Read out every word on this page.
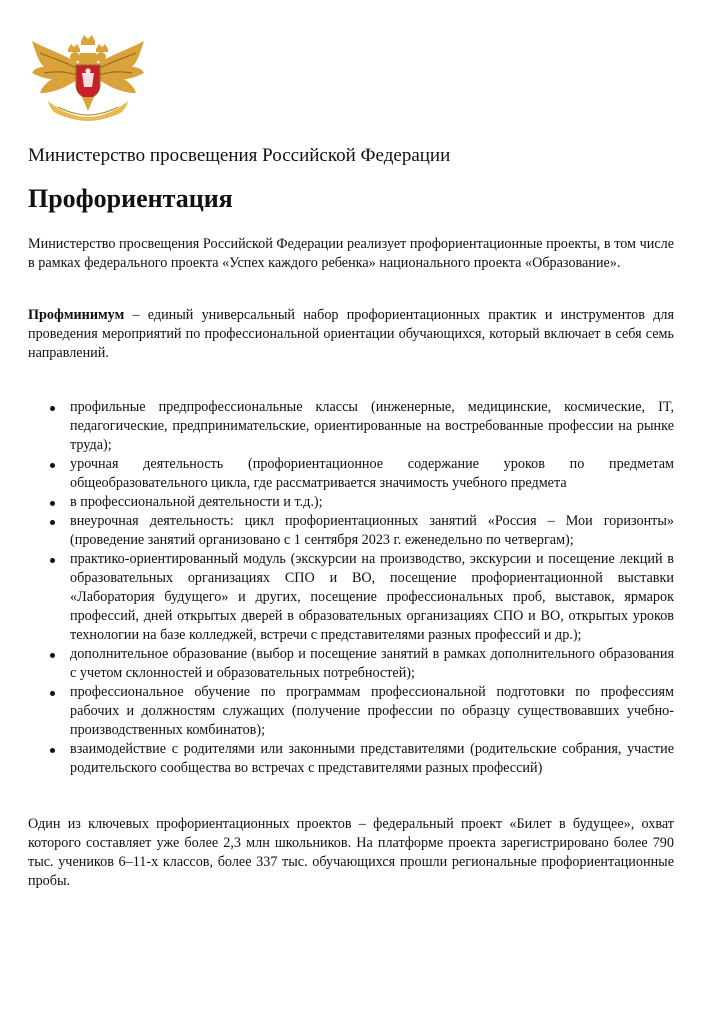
Министерство просвещения Российской Федерации
Профориентация

Министерство просвещения Российской Федерации реализует профориентационные проекты, в том числе в рамках федерального проекта «Успех каждого ребенка» национального проекта «Образование».

Профминимум – единый универсальный набор профориентационных практик и инструментов для проведения мероприятий по профессиональной ориентации обучающихся, который включает в себя семь направлений.

профильные предпрофессиональные классы (инженерные, медицинские, космические, IT, педагогические, предпринимательские, ориентированные на востребованные профессии на рынке труда);
урочная деятельность (профориентационное содержание уроков по предметам общеобразовательного цикла, где рассматривается значимость учебного предмета
в профессиональной деятельности и т.д.);
внеурочная деятельность: цикл профориентационных занятий «Россия – Мои горизонты» (проведение занятий организовано с 1 сентября 2023 г. еженедельно по четвергам);
практико-ориентированный модуль (экскурсии на производство, экскурсии и посещение лекций в образовательных организациях СПО и ВО, посещение профориентационной выставки «Лаборатория будущего» и других, посещение профессиональных проб, выставок, ярмарок профессий, дней открытых дверей в образовательных организациях СПО и ВО, открытых уроков технологии на базе колледжей, встречи с представителями разных профессий и др.);
дополнительное образование (выбор и посещение занятий в рамках дополнительного образования с учетом склонностей и образовательных потребностей);
профессиональное обучение по программам профессиональной подготовки по профессиям рабочих и должностям служащих (получение профессии по образцу существовавших учебно-производственных комбинатов);
взаимодействие с родителями или законными представителями (родительские собрания, участие родительского сообщества во встречах с представителями разных профессий)

Один из ключевых профориентационных проектов – федеральный проект «Билет в будущее», охват которого составляет уже более 2,3 млн школьников. На платформе проекта зарегистрировано более 790 тыс. учеников 6–11-х классов, более 337 тыс. обучающихся прошли региональные профориентационные пробы.
